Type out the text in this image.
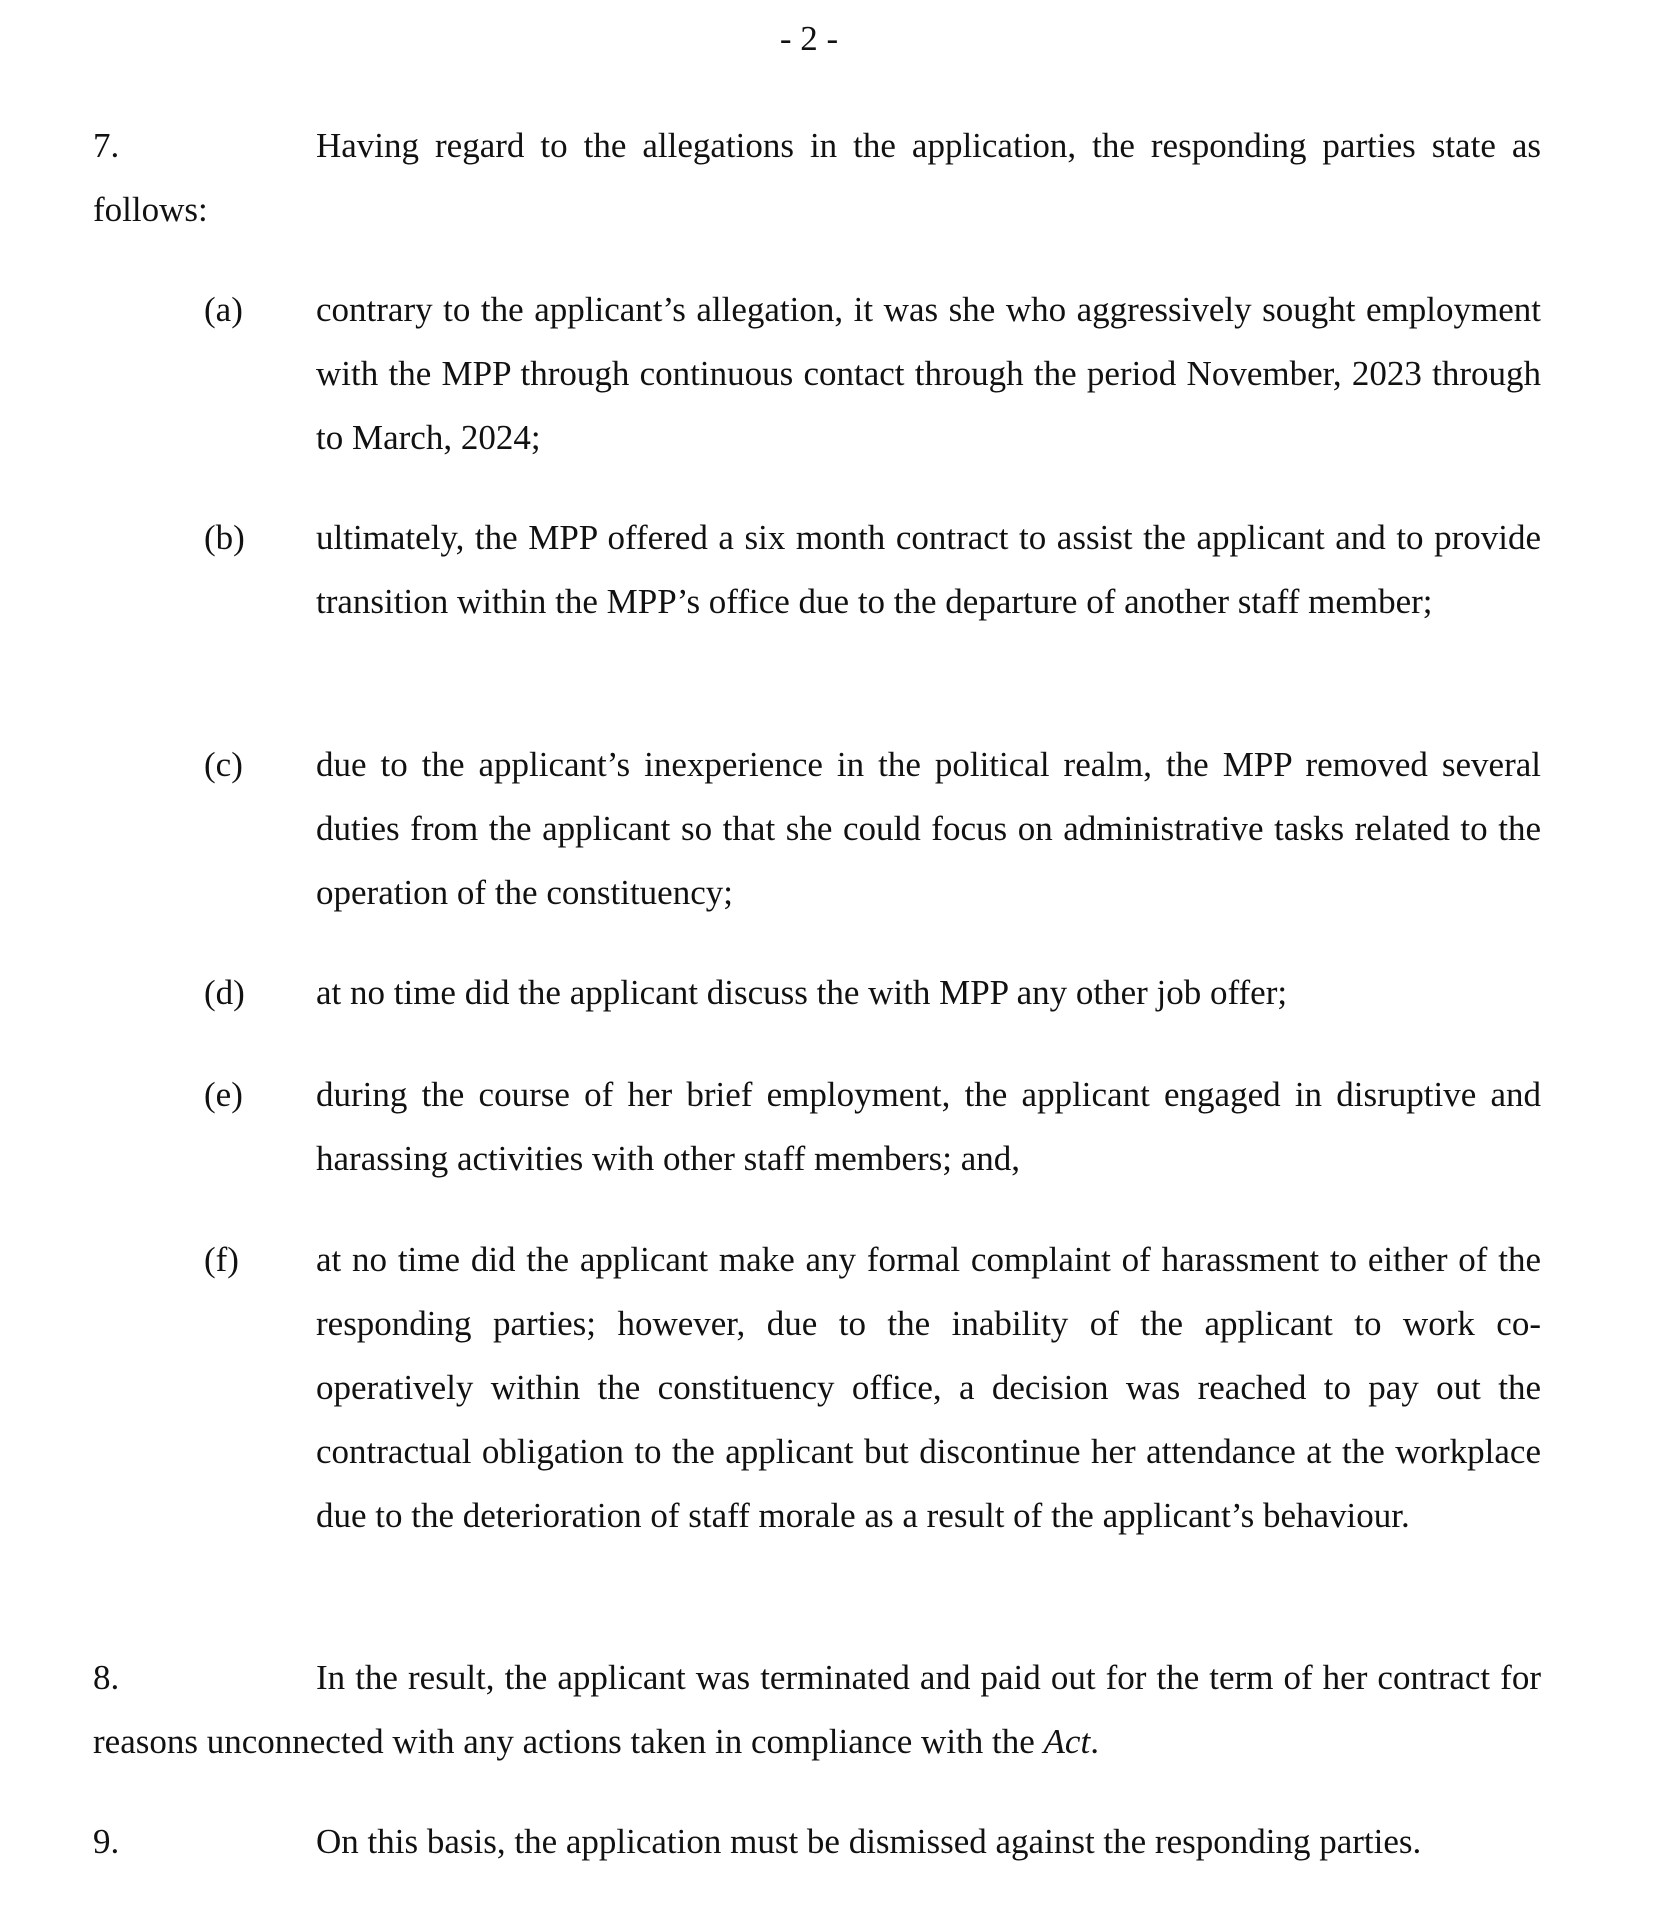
- 2 -

7.	Having regard to the allegations in the application, the responding parties state as follows:

(a) contrary to the applicant’s allegation, it was she who aggressively sought employment with the MPP through continuous contact through the period November, 2023 through to March, 2024;

(b) ultimately, the MPP offered a six month contract to assist the applicant and to provide transition within the MPP’s office due to the departure of another staff member;

(c) due to the applicant’s inexperience in the political realm, the MPP removed several duties from the applicant so that she could focus on administrative tasks related to the operation of the constituency;

(d) at no time did the applicant discuss the with MPP any other job offer;

(e) during the course of her brief employment, the applicant engaged in disruptive and harassing activities with other staff members; and,

(f) at no time did the applicant make any formal complaint of harassment to either of the responding parties; however, due to the inability of the applicant to work co-operatively within the constituency office, a decision was reached to pay out the contractual obligation to the applicant but discontinue her attendance at the workplace due to the deterioration of staff morale as a result of the applicant’s behaviour.

8.	In the result, the applicant was terminated and paid out for the term of her contract for reasons unconnected with any actions taken in compliance with the Act.

9.	On this basis, the application must be dismissed against the responding parties.
